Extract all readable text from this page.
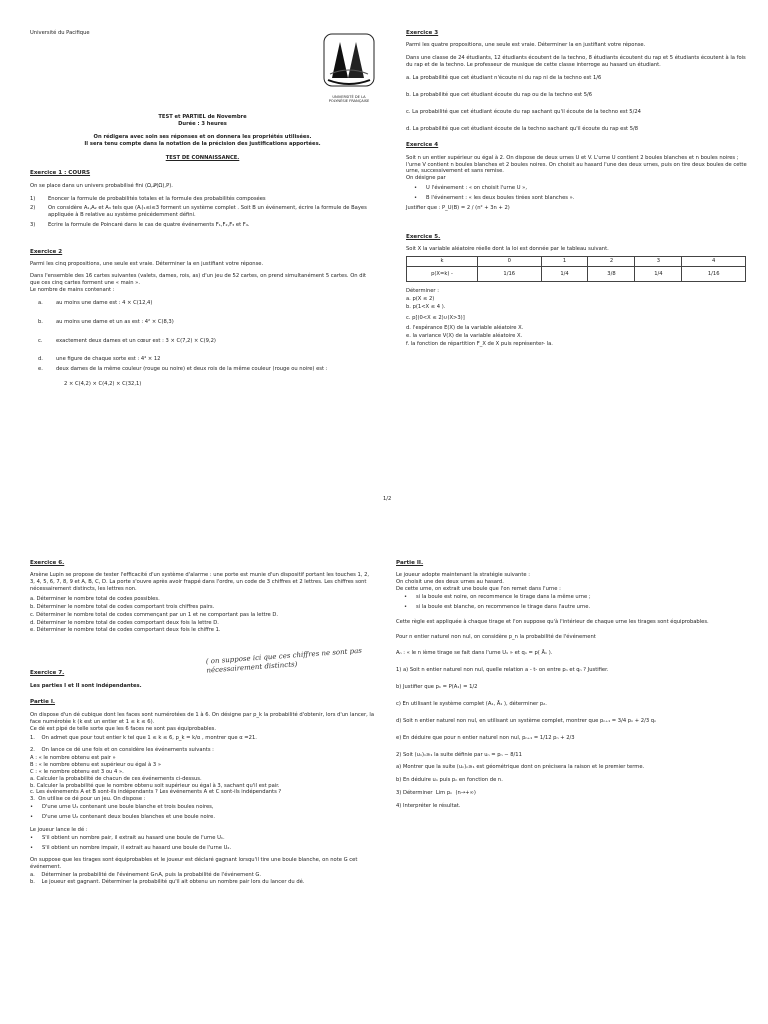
Université du Pacifique
UNIVERSITÉ DE LA
POLYNÉSIE FRANÇAISE
TEST et PARTIEL de Novembre
Durée : 3 heures
On rédigera avec soin ses réponses et on donnera les propriétés utilisées.
Il sera tenu compte dans la notation de la précision des justifications apportées.
TEST DE CONNAISSANCE.
Exercice 1 : COURS
On se place dans un univers probabilisé fini (Ω,𝒫(Ω),P).
1)	Enoncer la formule de probabilités totales et la formule des probabilités composées
2)	On considère A₁,A₂ et A₃ tels que (Aᵢ)₁≤i≤3 forment un système complet . Soit B un événement, écrire la formule de Bayes appliquée à B relative au système précédemment défini.
3)	Ecrire la formule de Poincaré dans le cas de quatre événements F₁,F₂,F₃ et F₄.
Exercice 2
Parmi les cinq propositions, une seule est vraie. Déterminer la en justifiant votre réponse.
Dans l'ensemble des 16 cartes suivantes (valets, dames, rois, as) d'un jeu de 52 cartes, on prend simultanément 5 cartes. On dit que ces cinq cartes forment une « main ».
Le nombre de mains contenant :
a.	au moins une dame est : 4 × C(12,4)
b.	au moins une dame et un as est : 4² × C(8,3)
c.	exactement deux dames et un cœur est : 3 × C(7,2) × C(9,2)
d.	une figure de chaque sorte est : 4⁴ × 12
e.	deux dames de la même couleur (rouge ou noire) et deux rois de la même couleur (rouge ou noire) est :
2 × C(4,2) × C(4,2) × C(32,1)
Exercice 3
Parmi les quatre propositions, une seule est vraie. Déterminer la en justifiant votre réponse.
Dans une classe de 24 étudiants, 12 étudiants écoutent de la techno, 8 étudiants écoutent du rap et 5 étudiants écoutent à la fois du rap et de la techno. Le professeur de musique de cette classe interroge au hasard un étudiant.
a. La probabilité que cet étudiant n'écoute ni du rap ni de la techno est 1/6
b. La probabilité que cet étudiant écoute du rap ou de la techno est 5/6
c. La probabilité que cet étudiant écoute du rap sachant qu'il écoute de la techno est 5/24
d. La probabilité que cet étudiant écoute de la techno sachant qu'il écoute du rap est 5/8
Exercice 4
Soit n un entier supérieur ou égal à 2. On dispose de deux urnes U et V. L'urne U contient 2 boules blanches et n boules noires ; l'urne V contient n boules blanches et 2 boules noires. On choisit au hasard l'une des deux urnes, puis on tire deux boules de cette urne, successivement et sans remise.
On désigne par
•	U l'événement : « on choisit l'urne U »,
•	B l'événement : « les deux boules tirées sont blanches ».
Justifier que : P_U(B) = 2 / (n² + 3n + 2)
Exercice 5.
Soit X la variable aléatoire réelle dont la loi est donnée par le tableau suivant.
k	0	1	2	3	4
p(X=k) -	1/16	1/4	3/8	1/4	1/16
Déterminer :
a. p(X ≤ 2)
b. p(1<X ≤ 4 ).
c. p[(0<X ≤ 2)∪(X>3)]
d. l'espérance E(X) de la variable aléatoire X.
e. la variance V(X) de la variable aléatoire X.
f. la fonction de répartition F_X de X puis représenter- la.
1/2
Exercice 6.
Arsène Lupin se propose de tester l'efficacité d'un système d'alarme : une porte est munie d'un dispositif portant les touches 1, 2, 3, 4, 5, 6, 7, 8, 9 et A, B, C, D. La porte s'ouvre après avoir frappé dans l'ordre, un code de 3 chiffres et 2 lettres. Les chiffres sont nécessairement distincts, les lettres non.
a. Déterminer le nombre total de codes possibles.
b. Déterminer le nombre total de codes comportant trois chiffres pairs.
c. Déterminer le nombre total de codes commençant par un 1 et ne comportant pas la lettre D.
d. Déterminer le nombre total de codes comportant deux fois la lettre D.
e. Déterminer le nombre total de codes comportant deux fois le chiffre 1.
Exercice 7.
Les parties I et II sont indépendantes.
Partie I.
On dispose d'un dé cubique dont les faces sont numérotées de 1 à 6. On désigne par p_k la probabilité d'obtenir, lors d'un lancer, la face numérotée k (k est un entier et 1 ≤ k ≤ 6).
Ce dé est pipé de telle sorte que les 6 faces ne sont pas équiprobables.
1.    On admet que pour tout entier k tel que 1 ≤ k ≤ 6, p_k = k/α , montrer que α =21.
2.    On lance ce dé une fois et on considère les événements suivants :
A : « le nombre obtenu est pair »
B : « le nombre obtenu est supérieur ou égal à 3 »
C : « le nombre obtenu est 3 ou 4 ».
a. Calculer la probabilité de chacun de ces événements ci-dessus.
b. Calculer la probabilité que le nombre obtenu soit supérieur ou égal à 3, sachant qu'il est pair.
c. Les événements A et B sont-ils indépendants ? Les événements A et C sont-ils indépendants ?
3.  On utilise ce dé pour un jeu. On dispose :
•	D'une urne U₁ contenant une boule blanche et trois boules noires,
•	D'une urne U₂ contenant deux boules blanches et une boule noire.
Le joueur lance le dé :
•	S'il obtient un nombre pair, il extrait au hasard une boule de l'urne U₁.
•	S'il obtient un nombre impair, il extrait au hasard une boule de l'urne U₂.
On suppose que les tirages sont équiprobables et le joueur est déclaré gagnant lorsqu'il tire une boule blanche, on note G cet événement.
a.    Déterminer la probabilité de l'événement G∩A, puis la probabilité de l'événement G.
b.    Le joueur est gagnant. Déterminer la probabilité qu'il ait obtenu un nombre pair lors du lancer du dé.
( on suppose ici que ces chiffres ne sont pas nécessairement distincts)
Partie II.
Le joueur adopte maintenant la stratégie suivante :
On choisit une des deux urnes au hasard.
De cette urne, on extrait une boule que l'on remet dans l'urne :
•	si la boule est noire, on recommence le tirage dans la même urne ;
•	si la boule est blanche, on recommence le tirage dans l'autre urne.
Cette règle est appliquée à chaque tirage et l'on suppose qu'à l'intérieur de chaque urne les tirages sont équiprobables.
Pour n entier naturel non nul, on considère p_n la probabilité de l'événement
Aₙ : « le n ième tirage se fait dans l'urne U₁ » et qₙ = p( Āₙ ).
1) a) Soit n entier naturel non nul, quelle relation a - t- on entre pₙ et qₙ ? Justifier.
b) Justifier que p₁ = P(A₁) = 1/2
c) En utilisant le système complet (A₁, Ā₁ ), déterminer p₂.
d) Soit n entier naturel non nul, en utilisant un système complet, montrer que pₙ₊₁ = 3/4 pₙ + 2/3 qₙ
e) En déduire que pour n entier naturel non nul, pₙ₊₁ = 1/12 pₙ + 2/3
2) Soit (uₙ)ₙ≥₁ la suite définie par uₙ = pₙ − 8/11
a) Montrer que la suite (uₙ)ₙ≥₁ est géométrique dont on précisera la raison et le premier terme.
b) En déduire uₙ puis pₙ en fonction de n.
3) Déterminer  Lim pₙ  (n→+∞)
4) Interpréter le résultat.
